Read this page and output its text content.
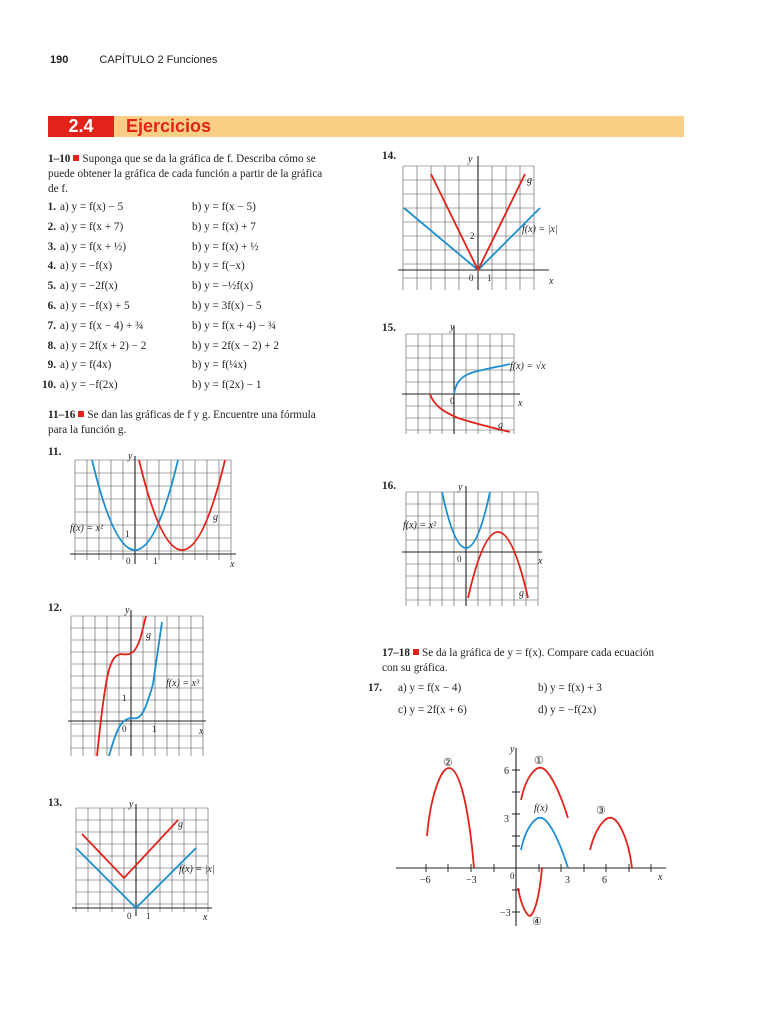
190	CAPÍTULO 2 Funciones
2.4	Ejercicios
1–10 Suponga que se da la gráfica de f. Describa cómo se
puede obtener la gráfica de cada función a partir de la gráfica
de f.
1. a) y = f(x) − 5	b) y = f(x − 5)
2. a) y = f(x + 7)	b) y = f(x) + 7
3. a) y = f(x + ½)	b) y = f(x) + ½
4. a) y = −f(x)	b) y = f(−x)
5. a) y = −2f(x)	b) y = −½f(x)
6. a) y = −f(x) + 5	b) y = 3f(x) − 5
7. a) y = f(x − 4) + ¾	b) y = f(x + 4) − ¾
8. a) y = 2f(x + 2) − 2	b) y = 2f(x − 2) + 2
9. a) y = f(4x)	b) y = f(¼x)
10. a) y = −f(2x)	b) y = f(2x) − 1
11–16 Se dan las gráficas de f y g. Encuentre una fórmula
para la función g.
11.
12.
13.
14.
15.
16.
y
x
0	1
1
f(x) = x²
g
y
x
0	1
1
f(x) = x³
g
y
x
0 1
f(x) = |x|
g
y
x
0 1
2
f(x) = |x|
g
y
x
0
f(x) = √x
g
y
x
0
f(x) = x²
g
17–18 Se da la gráfica de y = f(x). Compare cada ecuación
con su gráfica.
17. a) y = f(x − 4)	b) y = f(x) + 3
c) y = 2f(x + 6)	d) y = −f(2x)
y
x
0
−6	−3	3	6
6
3
−3
f(x)
①
②
③
④
